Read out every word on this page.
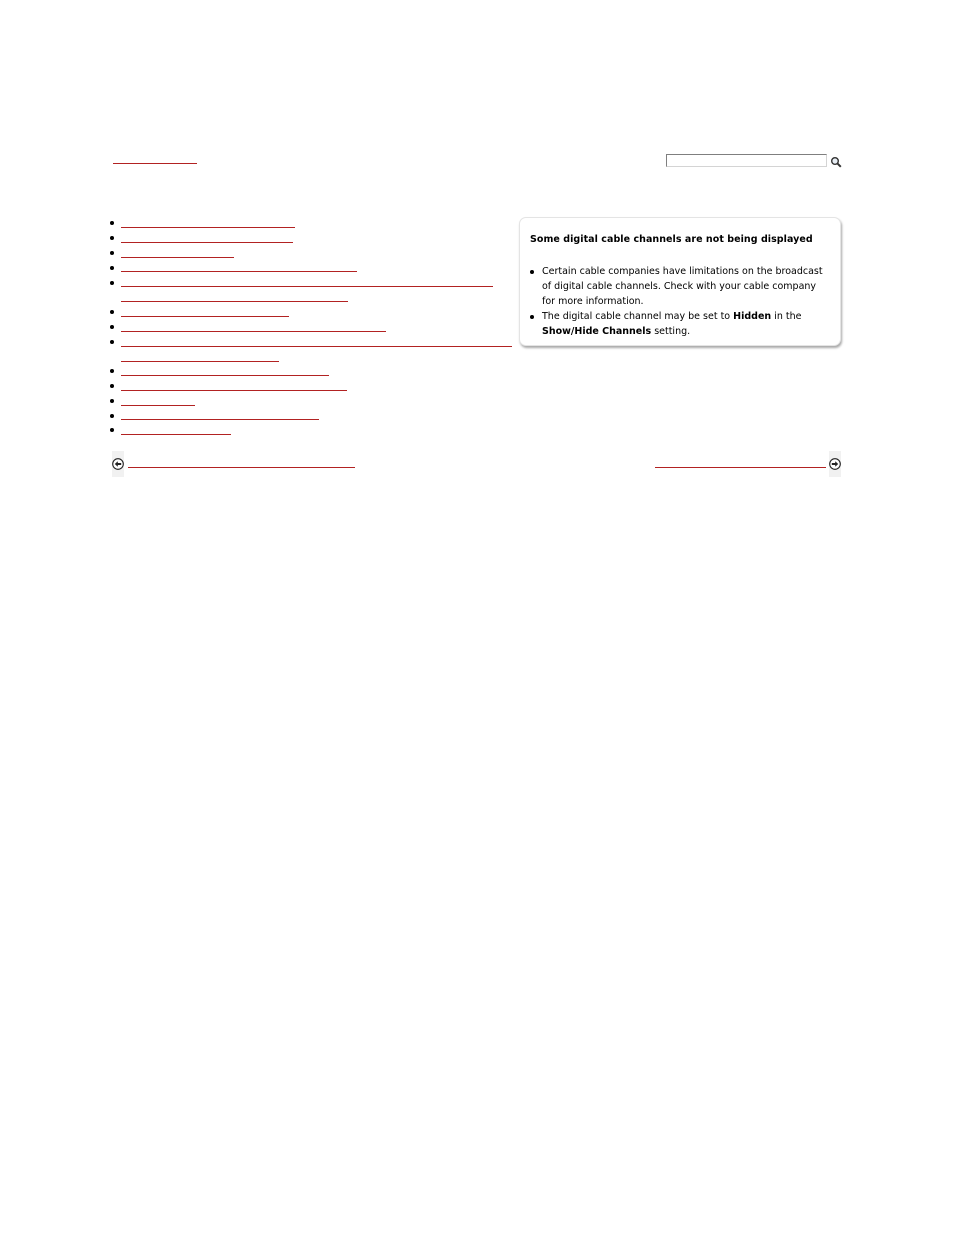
Some digital cable channels are not being displayed
Certain cable companies have limitations on the broadcast of digital cable channels. Check with your cable company for more information.
The digital cable channel may be set to Hidden in the
Show/Hide Channels setting.
